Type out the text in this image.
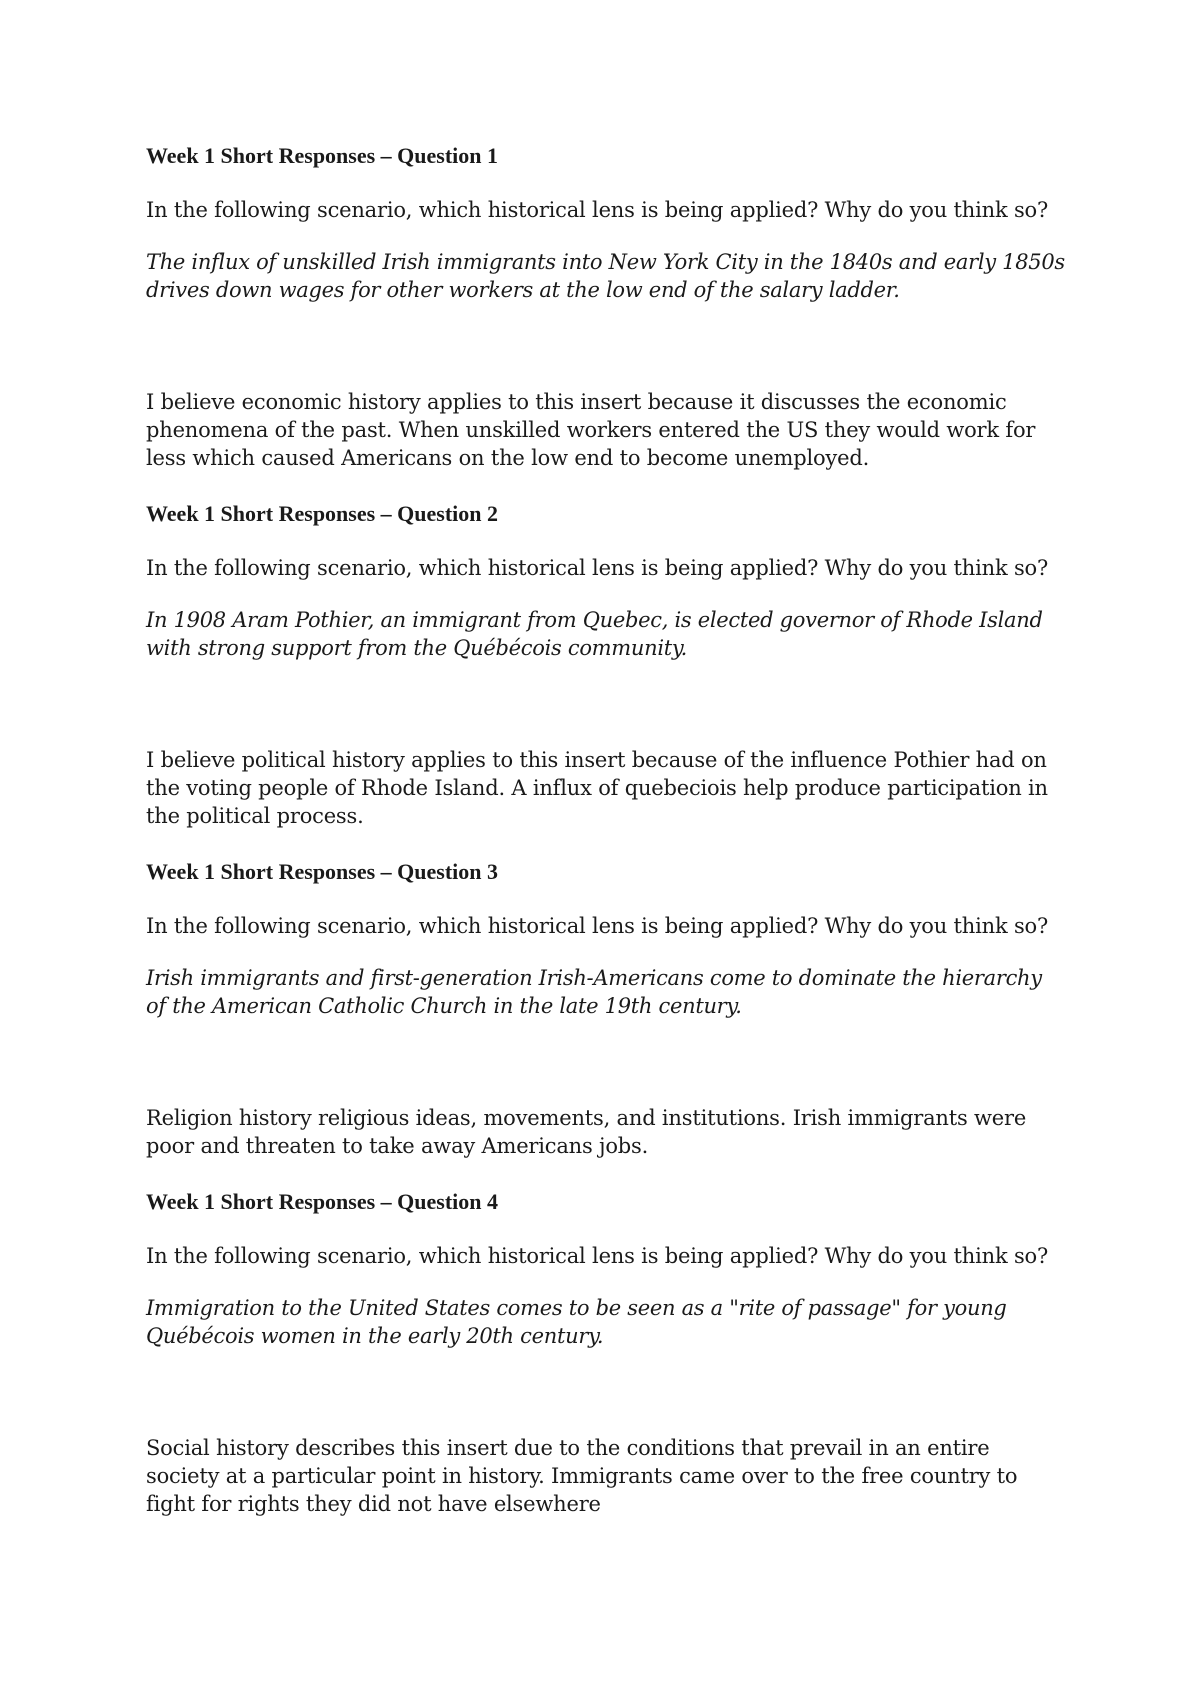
Week 1 Short Responses – Question 1

In the following scenario, which historical lens is being applied? Why do you think so?

The influx of unskilled Irish immigrants into New York City in the 1840s and early 1850s drives down wages for other workers at the low end of the salary ladder.

I believe economic history applies to this insert because it discusses the economic phenomena of the past. When unskilled workers entered the US they would work for less which caused Americans on the low end to become unemployed.

Week 1 Short Responses – Question 2

In the following scenario, which historical lens is being applied? Why do you think so?

In 1908 Aram Pothier, an immigrant from Quebec, is elected governor of Rhode Island with strong support from the Québécois community.

I believe political history applies to this insert because of the influence Pothier had on the voting people of Rhode Island. A influx of quebeciois help produce participation in the political process.

Week 1 Short Responses – Question 3

In the following scenario, which historical lens is being applied? Why do you think so?

Irish immigrants and first-generation Irish-Americans come to dominate the hierarchy of the American Catholic Church in the late 19th century.

Religion history religious ideas, movements, and institutions. Irish immigrants were poor and threaten to take away Americans jobs.

Week 1 Short Responses – Question 4

In the following scenario, which historical lens is being applied? Why do you think so?

Immigration to the United States comes to be seen as a "rite of passage" for young Québécois women in the early 20th century.

Social history describes this insert due to the conditions that prevail in an entire society at a particular point in history. Immigrants came over to the free country to fight for rights they did not have elsewhere
